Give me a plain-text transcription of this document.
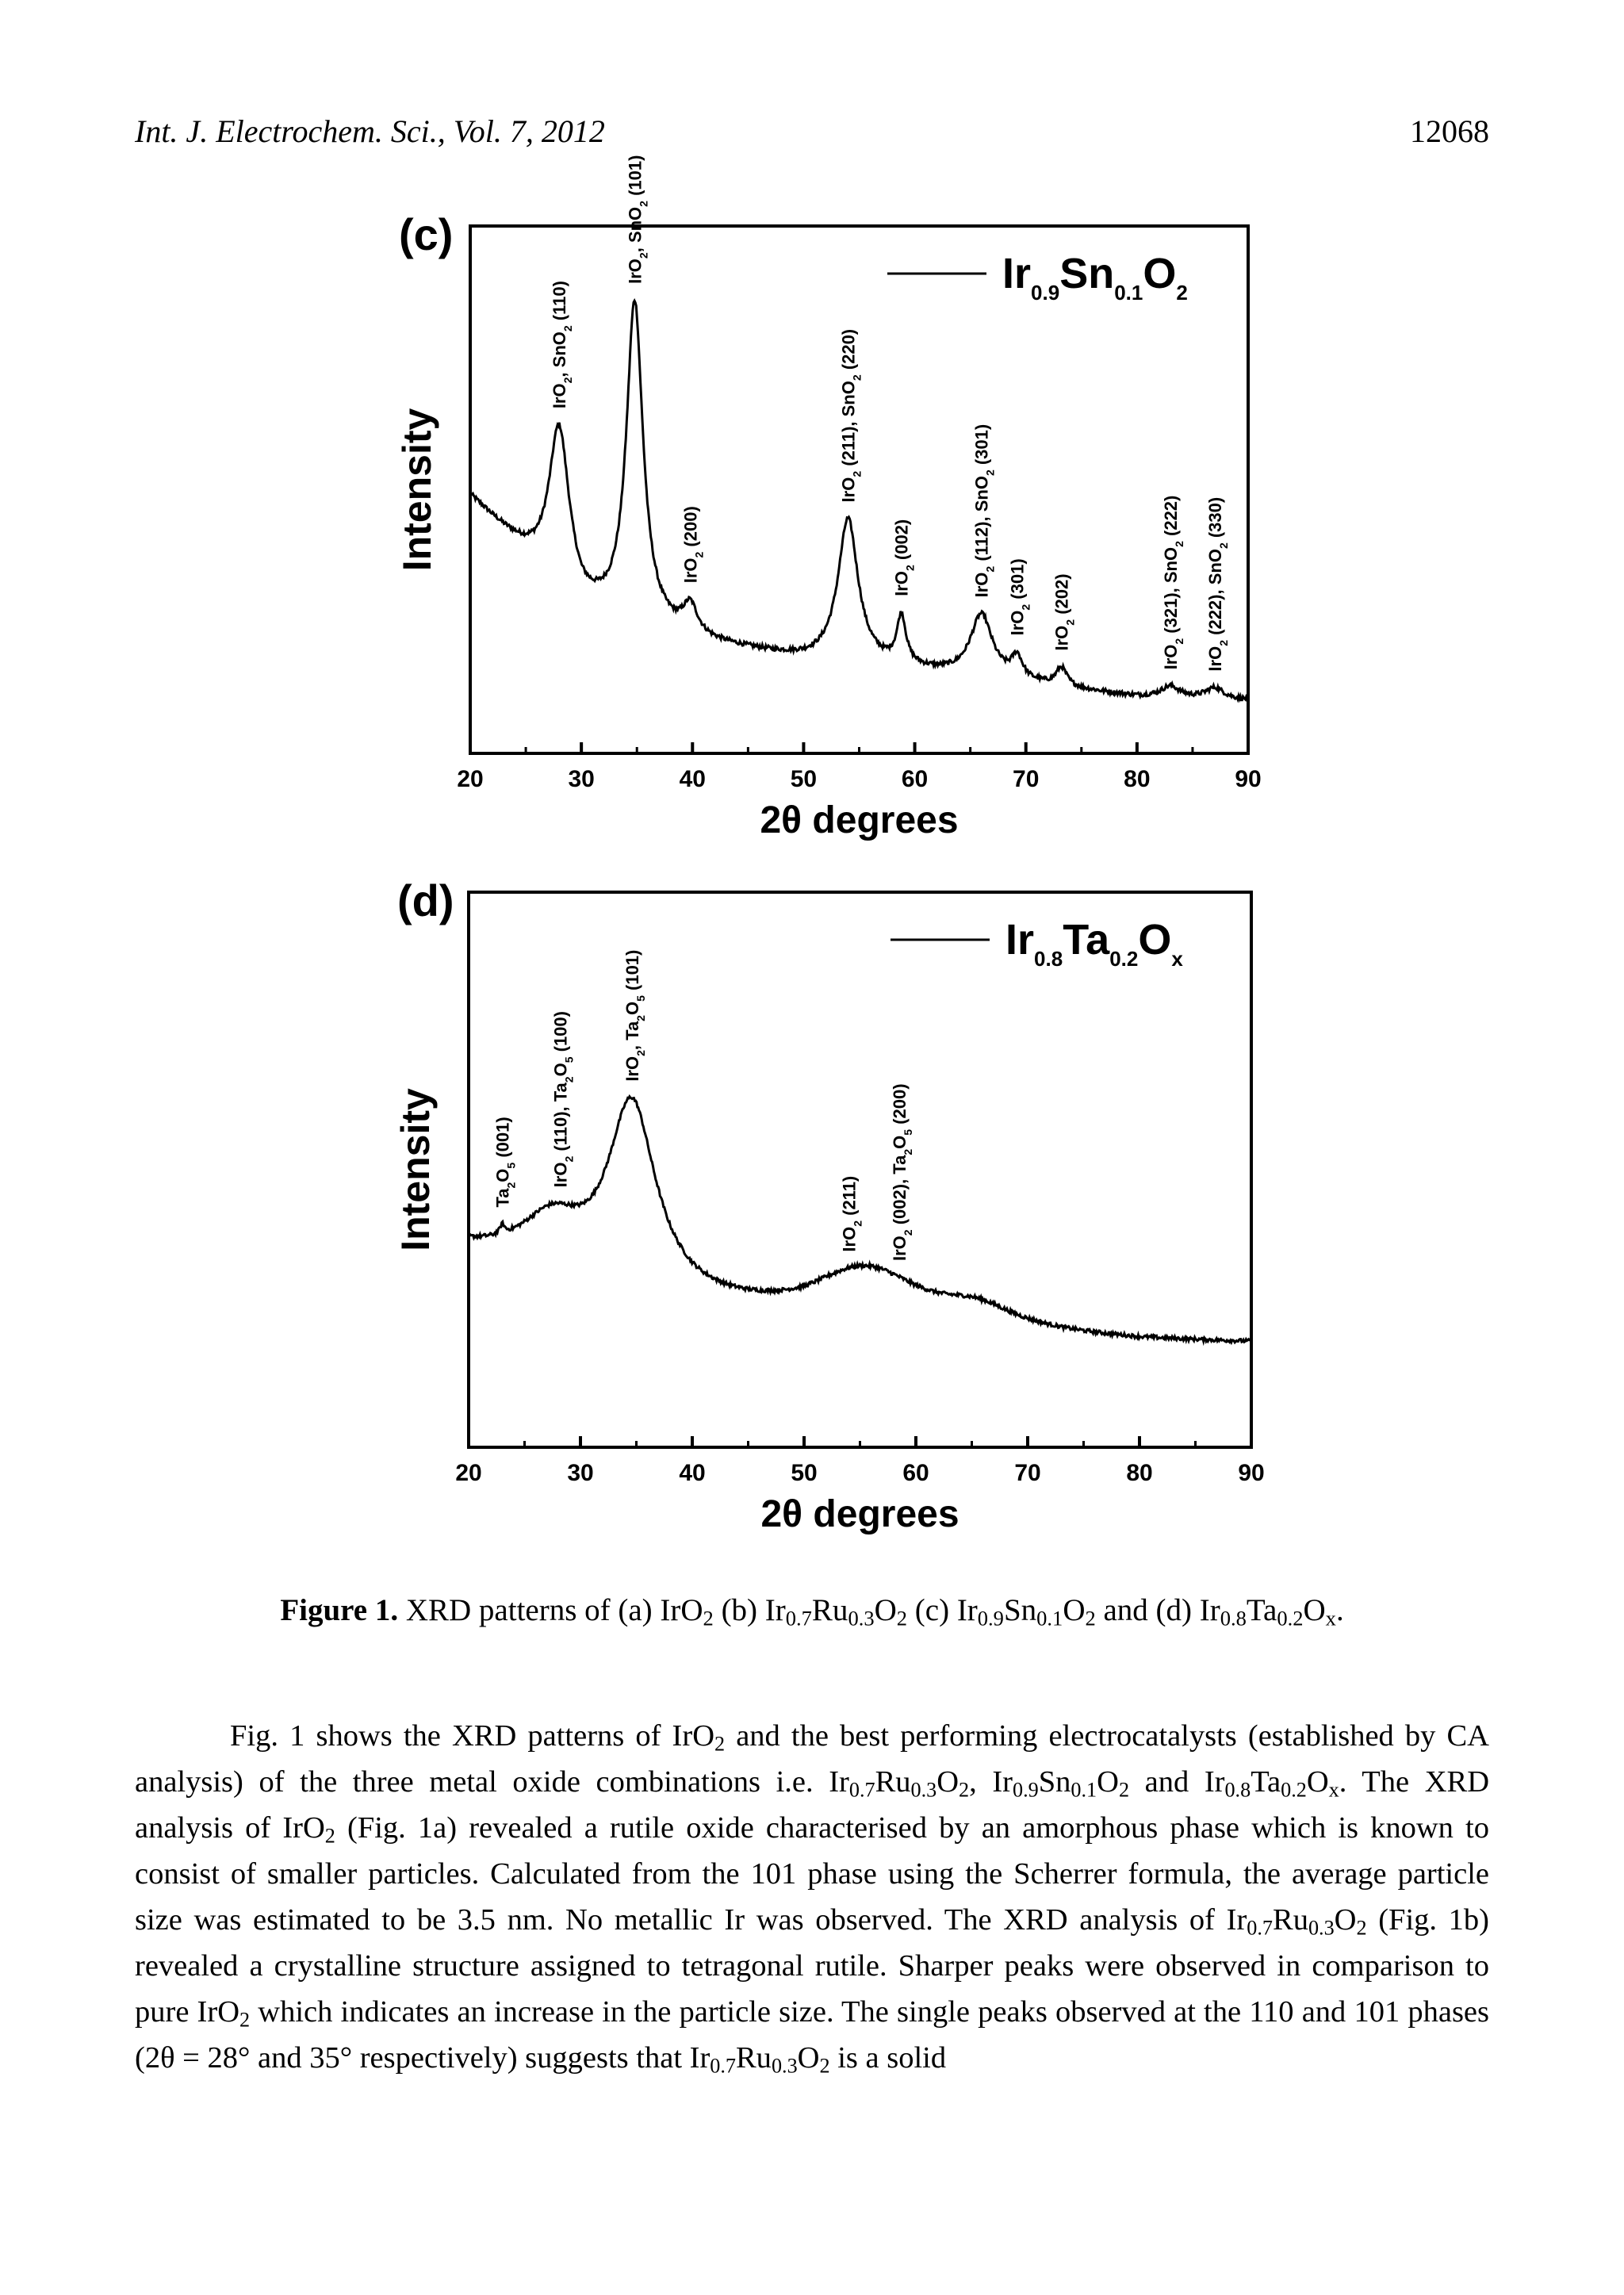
Int. J. Electrochem. Sci., Vol. 7, 2012	12068
20	30	40	50	60	70	80	90
2θ degrees
Intensity
(c)
$Ir_{0.9}Sn_{0.1}O_2$
IrO$_2$, SnO$_2$ (110)
IrO$_2$, SnO$_2$ (101)
IrO$_2$ (200)
IrO$_2$ (211), SnO$_2$ (220)
IrO$_2$ (002)
IrO$_2$ (112), SnO$_2$ (301)
IrO$_2$ (301)
IrO$_2$ (202)
IrO$_2$ (321), SnO$_2$ (222)
IrO$_2$ (222), SnO$_2$ (330)
20	30	40	50	60	70	80	90
2θ degrees
Intensity
(d)
$Ir_{0.8}Ta_{0.2}O_x$
$Ta_2O_5$ (001)
IrO$_2$ (110), $Ta_2O_5$ (100)
IrO$_2$, $Ta_2O_5$ (101)
IrO$_2$ (211)
IrO$_2$ (002), $Ta_2O_5$ (200)
Figure 1. XRD patterns of (a) IrO$_2$ (b) $Ir_{0.7}Ru_{0.3}O_2$ (c) $Ir_{0.9}Sn_{0.1}O_2$ and (d) $Ir_{0.8}Ta_{0.2}O_x$.

Fig. 1 shows the XRD patterns of IrO$_2$ and the best performing electrocatalysts (established by CA analysis) of the three metal oxide combinations i.e. $Ir_{0.7}Ru_{0.3}O_2$, $Ir_{0.9}Sn_{0.1}O_2$ and $Ir_{0.8}Ta_{0.2}O_x$. The XRD analysis of IrO$_2$ (Fig. 1a) revealed a rutile oxide characterised by an amorphous phase which is known to consist of smaller particles. Calculated from the 101 phase using the Scherrer formula, the average particle size was estimated to be 3.5 nm. No metallic Ir was observed. The XRD analysis of $Ir_{0.7}Ru_{0.3}O_2$ (Fig. 1b) revealed a crystalline structure assigned to tetragonal rutile. Sharper peaks were observed in comparison to pure IrO$_2$ which indicates an increase in the particle size. The single peaks observed at the 110 and 101 phases (2θ = 28° and 35° respectively) suggests that $Ir_{0.7}Ru_{0.3}O_2$ is a solid
